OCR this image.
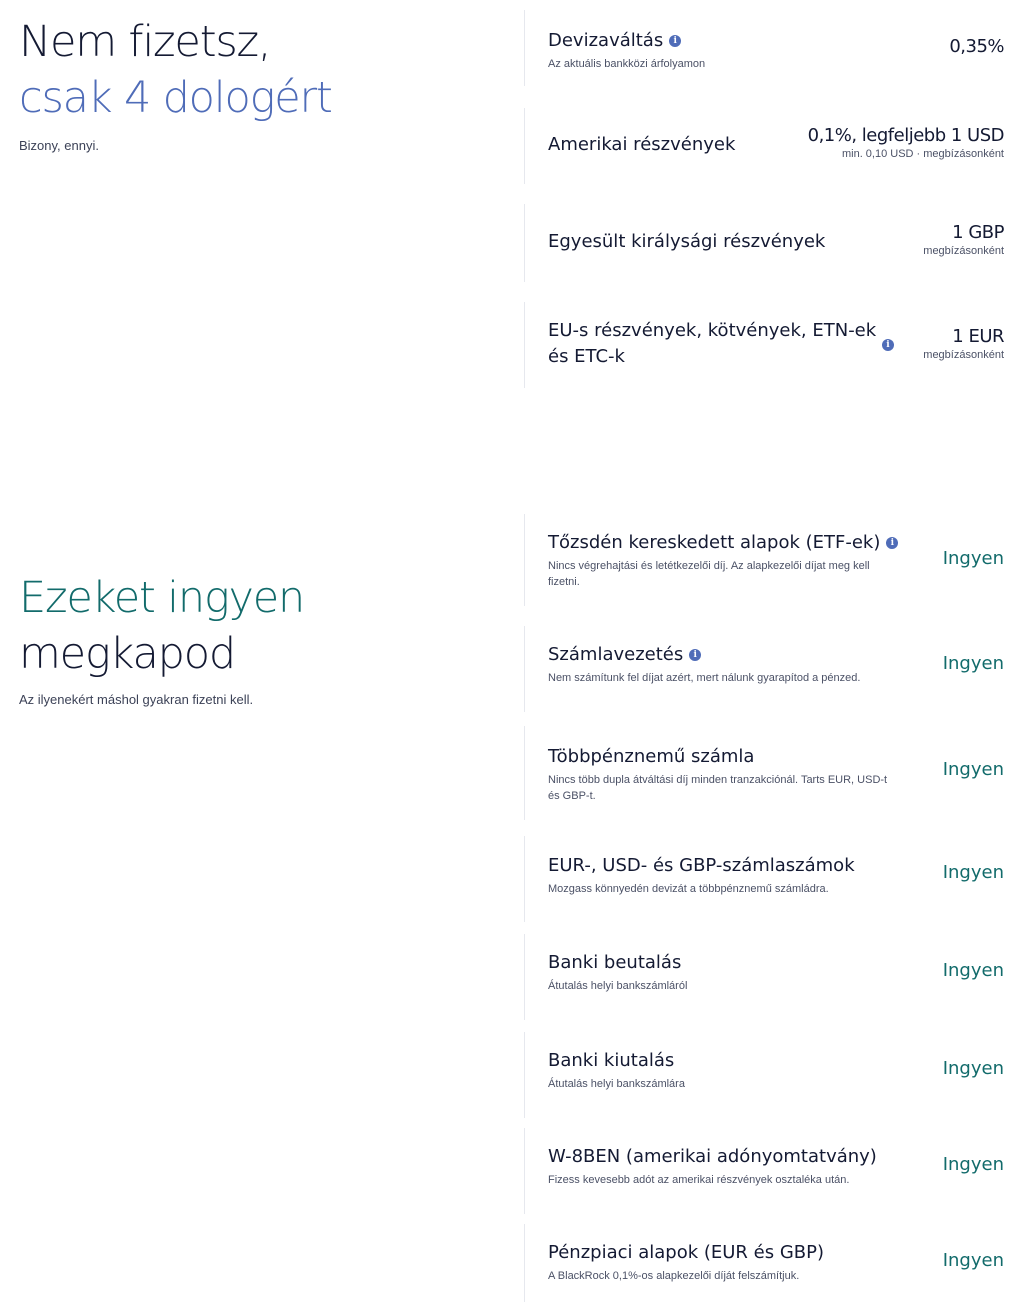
Nem fizetsz,
csak 4 dologért
Bizony, ennyi.
Devizaváltás i
Az aktuális bankközi árfolyamon
0,35%
Amerikai részvények	0,1%, legfeljebb 1 USD
min. 0,10 USD · megbízásonként
Egyesült királysági részvények	1 GBP
megbízásonként
EU-s részvények, kötvények, ETN-ek
és ETC-k
i	1 EUR
megbízásonként
Ezeket ingyen
megkapod
Az ilyenekért máshol gyakran fizetni kell.
Tőzsdén kereskedett alapok (ETF-ek) i
Nincs végrehajtási és letétkezelői díj. Az alapkezelői díjat meg kell
fizetni.
Ingyen
Számlavezetés i
Nem számítunk fel díjat azért, mert nálunk gyarapítod a pénzed.
Ingyen
Többpénznemű számla
Nincs több dupla átváltási díj minden tranzakciónál. Tarts EUR, USD-t
és GBP-t.
Ingyen
EUR-, USD- és GBP-számlaszámok
Mozgass könnyedén devizát a többpénznemű számládra.
Ingyen
Banki beutalás
Átutalás helyi bankszámláról
Ingyen
Banki kiutalás
Átutalás helyi bankszámlára
Ingyen
W-8BEN (amerikai adónyomtatvány)
Fizess kevesebb adót az amerikai részvények osztaléka után.
Ingyen
Pénzpiaci alapok (EUR és GBP)
A BlackRock 0,1%-os alapkezelői díját felszámítjuk.
Ingyen
